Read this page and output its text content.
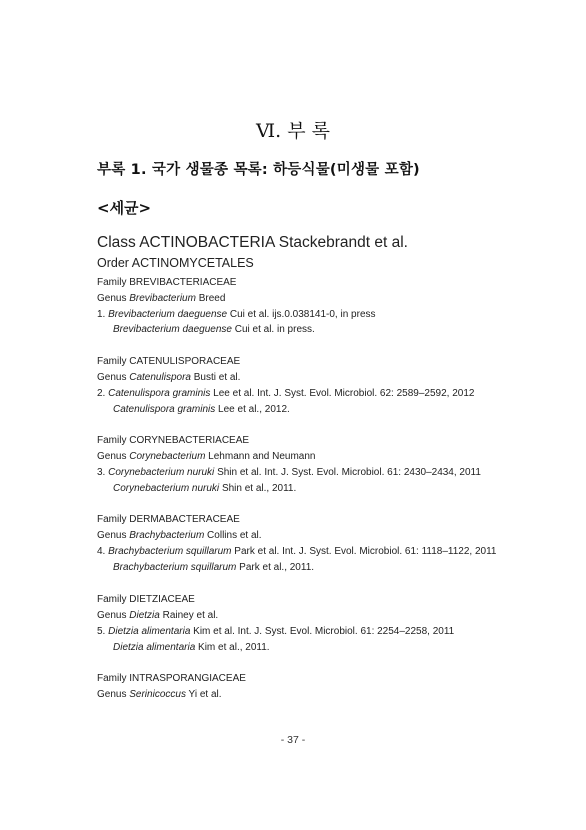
Ⅵ. 부 록
부록 1. 국가 생물종 목록: 하등식물(미생물 포함)
<세균>
Class ACTINOBACTERIA Stackebrandt et al.
Order ACTINOMYCETALES
Family BREVIBACTERIACEAE
Genus Brevibacterium Breed
1. Brevibacterium daeguense Cui et al. ijs.0.038141-0, in press
Brevibacterium daeguense Cui et al. in press.
Family CATENULISPORACEAE
Genus Catenulispora Busti et al.
2. Catenulispora graminis Lee et al. Int. J. Syst. Evol. Microbiol. 62: 2589–2592, 2012
Catenulispora graminis Lee et al., 2012.
Family CORYNEBACTERIACEAE
Genus Corynebacterium Lehmann and Neumann
3. Corynebacterium nuruki Shin et al. Int. J. Syst. Evol. Microbiol. 61: 2430–2434, 2011
Corynebacterium nuruki Shin et al., 2011.
Family DERMABACTERACEAE
Genus Brachybacterium Collins et al.
4. Brachybacterium squillarum Park et al. Int. J. Syst. Evol. Microbiol. 61: 1118–1122, 2011
Brachybacterium squillarum Park et al., 2011.
Family DIETZIACEAE
Genus Dietzia Rainey et al.
5. Dietzia alimentaria Kim et al. Int. J. Syst. Evol. Microbiol. 61: 2254–2258, 2011
Dietzia alimentaria Kim et al., 2011.
Family INTRASPORANGIACEAE
Genus Serinicoccus Yi et al.
- 37 -
